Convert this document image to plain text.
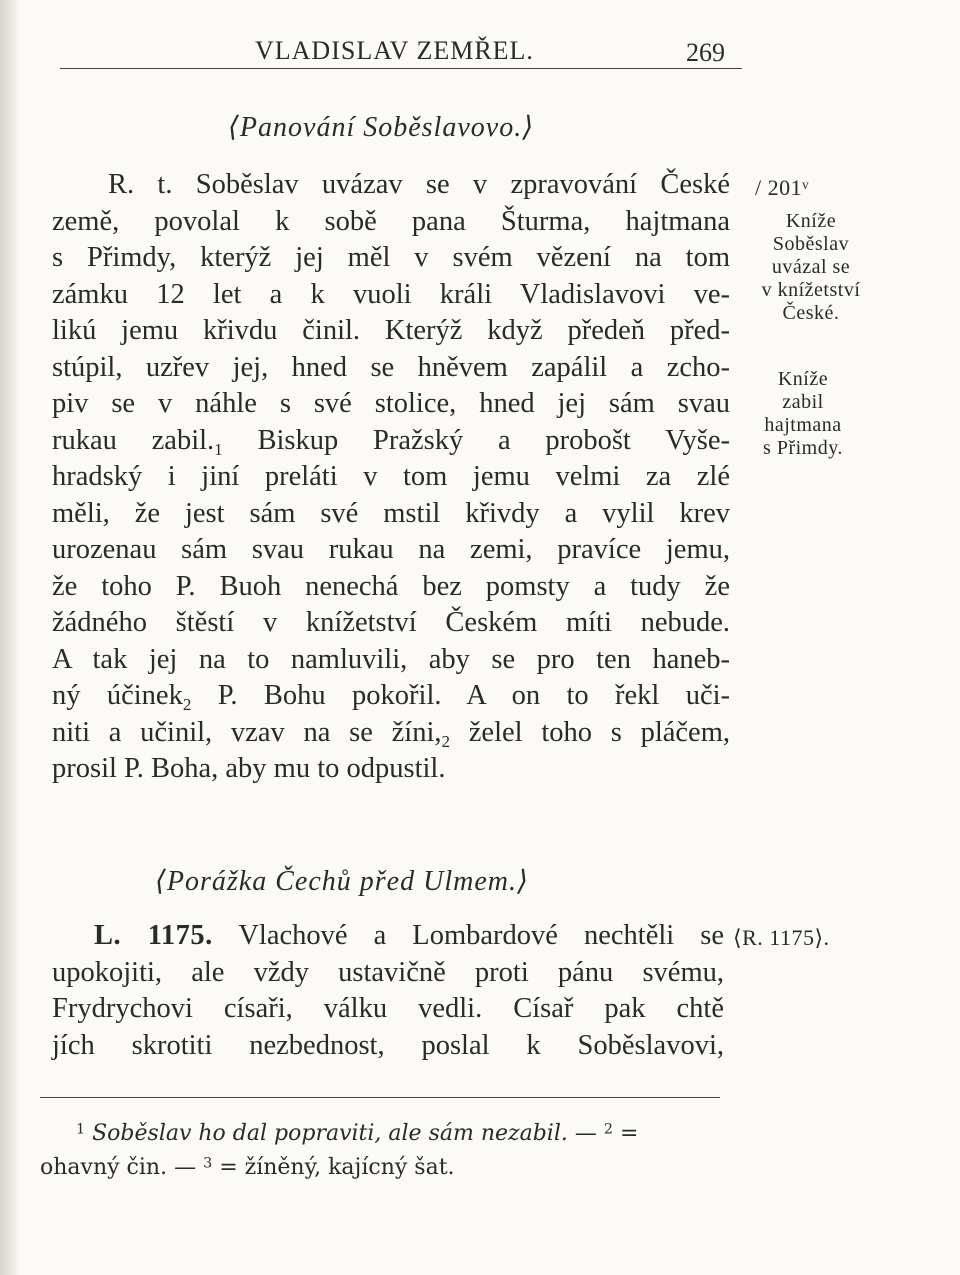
VLADISLAV ZEMŘEL.	269
⟨Panování Soběslavovo.⟩
R. t. Soběslav uvázav se v zpravování České
země, povolal k sobě pana Šturma, hajtmana
s Přimdy, kterýž jej měl v svém vězení na tom
zámku 12 let a k vuoli králi Vladislavovi ve-
likú jemu křivdu činil. Kterýž když předeň před-
stúpil, uzřev jej, hned se hněvem zapálil a zcho-
piv se v náhle s své stolice, hned jej sám svau
rukau $zabil._1$ Biskup Pražský a probošt Vyše-
hradský i jiní preláti v tom jemu velmi za zlé
měli, že jest sám své mstil křivdy a vylil krev
urozenau sám svau rukau na zemi, pravíce jemu,
že toho P. Buoh nenechá bez pomsty a tudy že
žádného štěstí v knížetství Českém míti nebude.
A tak jej na to namluvili, aby se pro ten haneb-
ný účinek$_2$ P. Bohu pokořil. A on to řekl uči-
niti a učinil, vzav na se $žíni,_2$ želel toho s pláčem,
prosil P. Boha, aby mu to odpustil.
/ 201ᵛ
Kníže
Soběslav
uvázal se
v knížetství
České.
Kníže
zabil
hajtmana
s Přimdy.
⟨Porážka Čechů před Ulmem.⟩
L. 1175. Vlachové a Lombardové nechtěli se
upokojiti, ale vždy ustavičně proti pánu svému,
Frydrychovi císaři, válku vedli. Císař pak chtě
jích skrotiti nezbednost, poslal k Soběslavovi,
⟨R. 1175⟩.
$^1$ Soběslav ho dal popraviti, ale sám nezabil. — $^2$ =
ohavný čin. — $^3$ = žíněný, kajícný šat.
